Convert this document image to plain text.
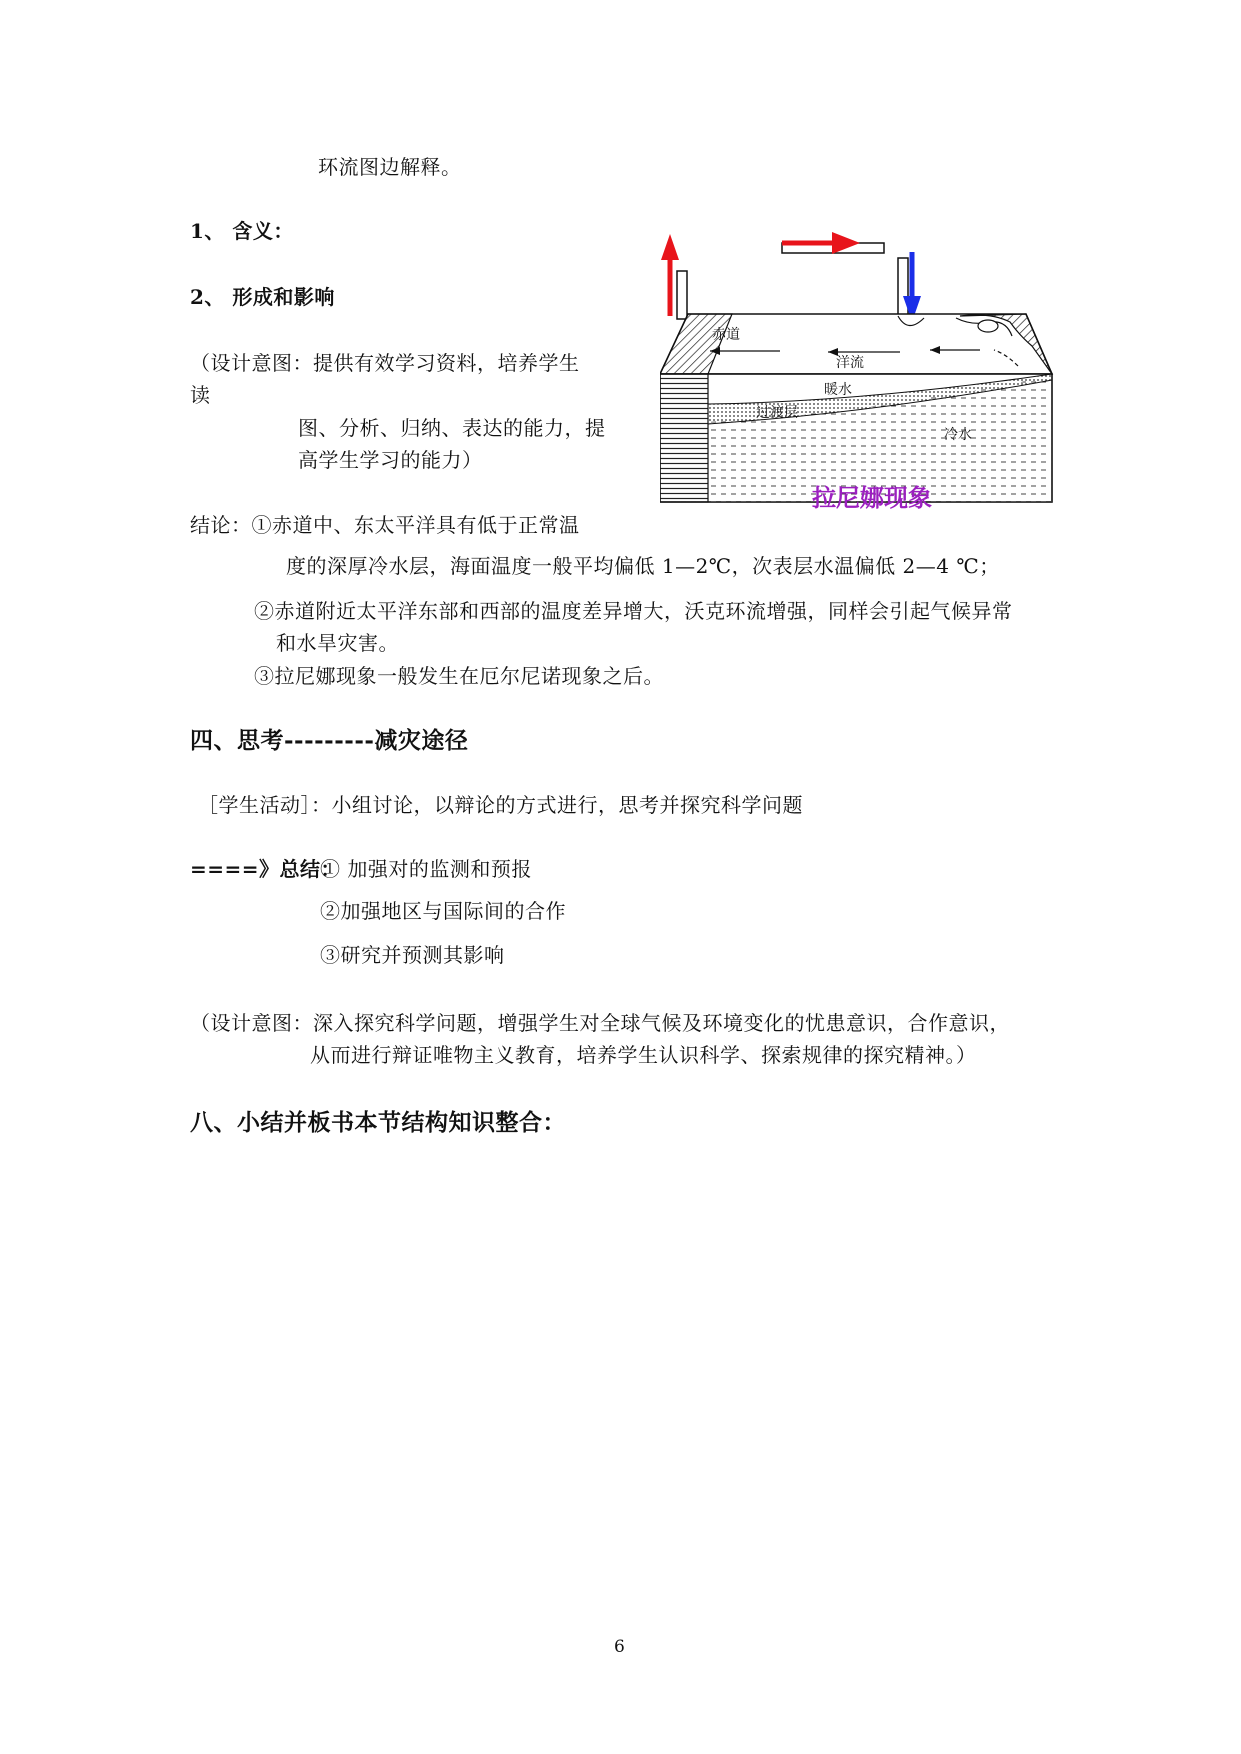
环流图边解释。
1、 含义：
2、 形成和影响
（设计意图：提供有效学习资料，培养学生
读
图、分析、归纳、表达的能力，提
高学生学习的能力）
结论：①赤道中、东太平洋具有低于正常温
度的深厚冷水层，海面温度一般平均偏低 1—2℃，次表层水温偏低 2—4 ℃；
②赤道附近太平洋东部和西部的温度差异增大，沃克环流增强，同样会引起气候异常
和水旱灾害。
③拉尼娜现象一般发生在厄尔尼诺现象之后。
四、思考---------减灾途径
［学生活动］：小组讨论，以辩论的方式进行，思考并探究科学问题
====》总结：
① 加强对的监测和预报
②加强地区与国际间的合作
③研究并预测其影响
（设计意图：深入探究科学问题，增强学生对全球气候及环境变化的忧患意识，合作意识，
从而进行辩证唯物主义教育，培养学生认识科学、探索规律的探究精神。）
八、小结并板书本节结构知识整合：
6
赤道
洋流
暖水
过渡层
冷水
拉尼娜现象
